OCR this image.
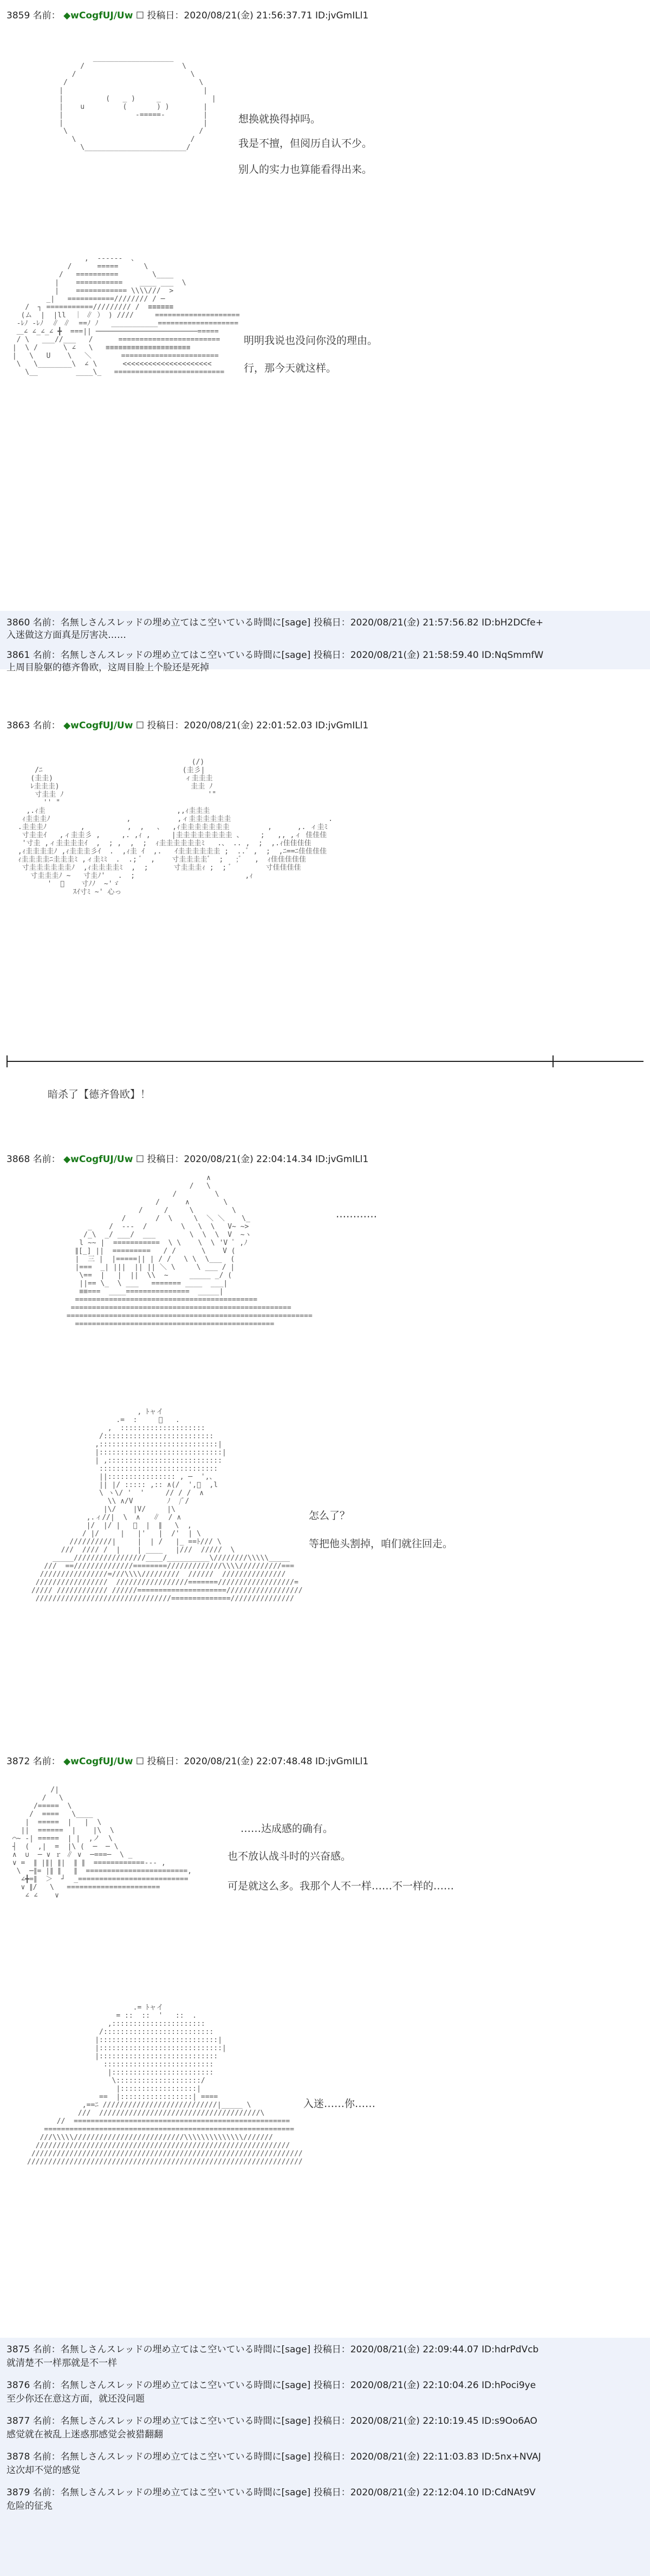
3859 名前： ◆wCogfUJ/Uw ☐ 投稿日：2020/08/21(金) 21:56:37.71 ID:jvGmILl1
___________________
/                       \
/                           \
/                               \
|                                 |
|          (   _ )     _            |
|    u         (       ) )        |
|                 -=====-         |
|                                 |
\                               /
\                           /
\________________________/
想换就换得掉吗。
我是不擅，但阅历自认不少。
别人的实力也算能看得出来。
,  ------  、
/      =====      \
/   ==========        \____
|    ===========    ____ ___  \
|    ============ \\\\///  >
_|   ===========//////// / ─
/  ┐ ===========///////// /  ≡≡≡≡≡≡
(ム  |  |ll  ｜ ∥ ） ) ////     ====================
‐ﾚﾉ ‐ﾚﾉ  ∥ ∥  ==ﾉ ﾉ   ___________===================
＿∠ ∠_∠_∠ ╋  ===|| ────────────────────────=====
/ \   ___//___   /      ========================
|  \ /      \ ∠   \   ≡≡≡≡≡≡≡≡≡≡≡≡≡≡≡≡≡≡≡≡
|   \   U    \   ＼       =======================
\   \________\  ∠ \      <<<<<<<<<<<<<<<<<<<<<
\__         ____\_   ==========================
明明我说也没问你没的理由。
行，那今天就这样。
3860 名前：名無しさんスレッドの埋め立てはこ空いている時間に[sage] 投稿日：2020/08/21(金) 21:57:56.82 ID:bH2DCfe+
入迷做这方面真是厉害决……
3861 名前：名無しさんスレッドの埋め立てはこ空いている時間に[sage] 投稿日：2020/08/21(金) 21:58:59.40 ID:NqSmmfW
上周目脸躯的德齐鲁欧，这周目脸上个脸还是死掉
3863 名前： ◆wCogfUJ/Uw ☐ 投稿日：2020/08/21(金) 22:01:52.03 ID:jvGmILl1
(/)
/ﾆ                                 (圭彡|
(圭圭)                               ィ圭圭圭
ﾚ圭圭圭)                               圭圭 ﾉ
寸圭圭 ﾉ                                  '"
'' "
,.ｨ圭                               ,,ｨ圭圭圭
ｨ圭圭圭ﾉ                  ,           ,ィ圭圭圭圭圭圭                       .
.圭圭圭ﾉ        ,          ,  ,   、  ,ｨ圭圭圭圭圭圭圭         ,      ,. ィ圭ﾐ
寸圭圭ｲ   ,ィ圭圭彡 ,     ,. ,ｨ ,     |圭圭圭圭圭圭圭圭 、    ;   ,, ,ィ 佳佳佳
'寸圭 ,ィ圭圭圭圭ｲ  ,  ; ,  ,  ;  ｨ圭圭圭圭圭圭ﾐ   .、 .. ,  ;  ,.ｨ佳佳佳佳
,ｨ圭圭圭圭ﾉ ,ｨ圭圭圭彡ｲ  .  ,ｨ圭 ｲ  ,.   ｲ圭圭圭圭圭圭 ;  ..ﾞ ,  ;  ,ﾆ==ﾆ佳佳佳佳
ｨ圭圭圭圭ﾆ圭圭圭ﾐ ,ィ圭ﾐﾐ  .  .; ﾞ  ,    寸圭圭圭圭ﾞ  ;   ;ﾞ   ,  ｨ佳佳佳佳佳
寸圭圭圭圭圭圭ﾉ  ,ｨ圭圭圭圭ﾐ  ,  ;      寸圭圭圭ｨ ;  ; ﾞ        寸佳佳佳佳
寸圭圭圭ﾉ ~   寸圭ﾉ'   .  ;                          ,ｨ
'  ﾞ    寸ﾉﾉ  ~'ゞ
ｽｲ寸ﾐ ~' 心っ
暗杀了【德齐鲁欧】！
3868 名前： ◆wCogfUJ/Uw ☐ 投稿日：2020/08/21(金) 22:04:14.34 ID:jvGmILl1
∧
/   \
/         \
/      ∧        \
/     /     \         \
/       /  \     \  ＼ ＼    \_
_    /  ---  /        \   \  \   V~ ~>
/_\  _/ ___/  ___        \  \  \  V  ~ヽ
l ~~ |  ===========  \ \    \  \ 'V ﾟ ,ﾉ
∥[_] ||  =========   / /      \    V (
|  三 |  |=====|| | / /   \ \  \___  (
|===  _| |||  || || ＼ \     \ ___ / |
\==  |   |  ||  \\  ~     _____ _/ (
||== \_  \ ___   ======= ____  ___|
≡≡===  ____===============  _____|
===========================================
====================================================
==========================================================
===============================================
…………
, ﾄャイ
.=  :     ﾞ   .
,  ::::::::::::::::::::
/::::::::::::::::::::::::::
,::::::::::::::::::::::::::::|
|:::::::::::::::::::::::::::::|
| ,:::::::::::::::::::::::::::
::::::::::::::::::::::::::::
||:::::::::::::::: , ─  ',、
|| |/ ::::: ,:: ∧(/  ',ﾞ  ,l
\ ヽ\/ '  '     // / /  ∧
\\ ∧/V        ﾉ  /ﾞ/
|\/    |V/     |\
,.ィ//|  \  ∧   ∥  / ∧
|/  |/ |   ﾞ  |  ∥   \  ,
/ |/     |   |'   |  /'  | \
//////////|     |  | /   |_ ==ﾄ/// \
///  //// /  |    | ____   |///  /////  \
_____/////////////////____/__________\////////\\\\\_____
///  ==//////////////========/////////////\\\\//////////===
////////////////=///\\\\/////////  //////  ///////////////
/////////////////  /////////////////=======//////////////////=
///// //////////// //////=====================//////////////////
////////////////////////////////==============///////////////
怎么了？
等把他头割掉，咱们就往回走。
3872 名前： ◆wCogfUJ/Uw ☐ 投稿日：2020/08/21(金) 22:07:48.48 ID:jvGmILl1
/|
/   \
/=====  \
/  ====   \____
|  =====  |   |  \
||  ======  |    |\  \
⌒~ -| =====  | |  ,ノ  \
┤  (  ,|  =  |\ (  ─  ─ \
∧  ∪  ─ ∨ ｒ ∥ ∨  ─===─  \ _
∨ =  ∥ |∥| ∥|  ∥ ∥  ============--- ,
\  ─∥= |∥ ∥   ∥  ========================,
∠╋=∥  ＞  ┘  _==========================
∨ ∥/   \   ======================
∠ ∠    ∨
……达成感的确有。
也不放认战斗时的兴奋感。
可是就这么多。我那个人不一样……不一样的……
.= ﾄャイ
= ::  ::  '   ::  .
,::::::::::::::::::::::
/::::::::::::::::::::::::::
|::::::::::::::::::::::::::::|
|:::::::::::::::::::::::::::::|
|::::::::::::::::::::::::::::
::::::::::::::::::::::::::
|::::::::::::::::::::::::
\::::::::::::::::::::/
|::::::::::::::::::|
==  |:::::::::::::::::| ====
,==ﾆ ///////////////////////////|_____ \
///  //////////////////////////////////////\
//  ===================================================
===========================================================
///\\\\\//////////////////////////\\\\\\\\\\\\\\///////
////////////////////////////////////////////////////////////
////////////////////////////////////////////////////////////////
/////////////////////////////////////////////////////////////////
入迷……你……
3875 名前：名無しさんスレッドの埋め立てはこ空いている時間に[sage] 投稿日：2020/08/21(金) 22:09:44.07 ID:hdrPdVcb
就清楚不一样那就是不一样
3876 名前：名無しさんスレッドの埋め立てはこ空いている時間に[sage] 投稿日：2020/08/21(金) 22:10:04.26 ID:hPoci9ye
至少你还在意这方面，就还没问题
3877 名前：名無しさんスレッドの埋め立てはこ空いている時間に[sage] 投稿日：2020/08/21(金) 22:10:19.45 ID:s9Oo6AO
感觉就在被乱上迷惑那感觉会被猎翻翻
3878 名前：名無しさんスレッドの埋め立てはこ空いている時間に[sage] 投稿日：2020/08/21(金) 22:11:03.83 ID:5nx+NVAJ
这次却不觉的感觉
3879 名前：名無しさんスレッドの埋め立てはこ空いている時間に[sage] 投稿日：2020/08/21(金) 22:12:04.10 ID:CdNAt9V
危险的征兆
